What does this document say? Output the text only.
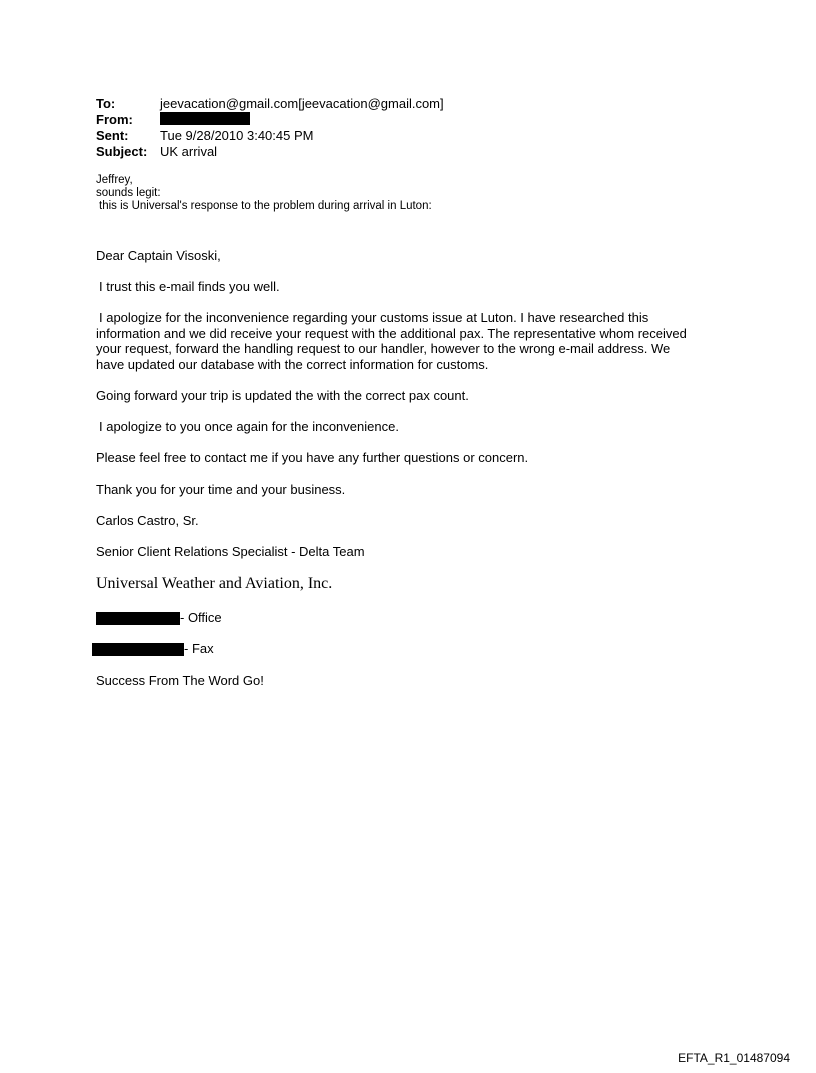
To:	jeevacation@gmail.com[jeevacation@gmail.com]
From:
Sent:	Tue 9/28/2010 3:40:45 PM
Subject: UK arrival
Jeffrey,
sounds legit:
this is Universal's response to the problem during arrival in Luton:
Dear Captain Visoski,
I trust this e-mail finds you well.
I apologize for the inconvenience regarding your customs issue at Luton. I have researched this
information and we did receive your request with the additional pax. The representative whom received
your request, forward the handling request to our handler, however to the wrong e-mail address. We
have updated our database with the correct information for customs.
Going forward your trip is updated the with the correct pax count.
I apologize to you once again for the inconvenience.
Please feel free to contact me if you have any further questions or concern.
Thank you for your time and your business.
Carlos Castro, Sr.
Senior Client Relations Specialist - Delta Team
Universal Weather and Aviation, Inc.
- Office
- Fax
Success From The Word Go!
EFTA_R1_01487094
